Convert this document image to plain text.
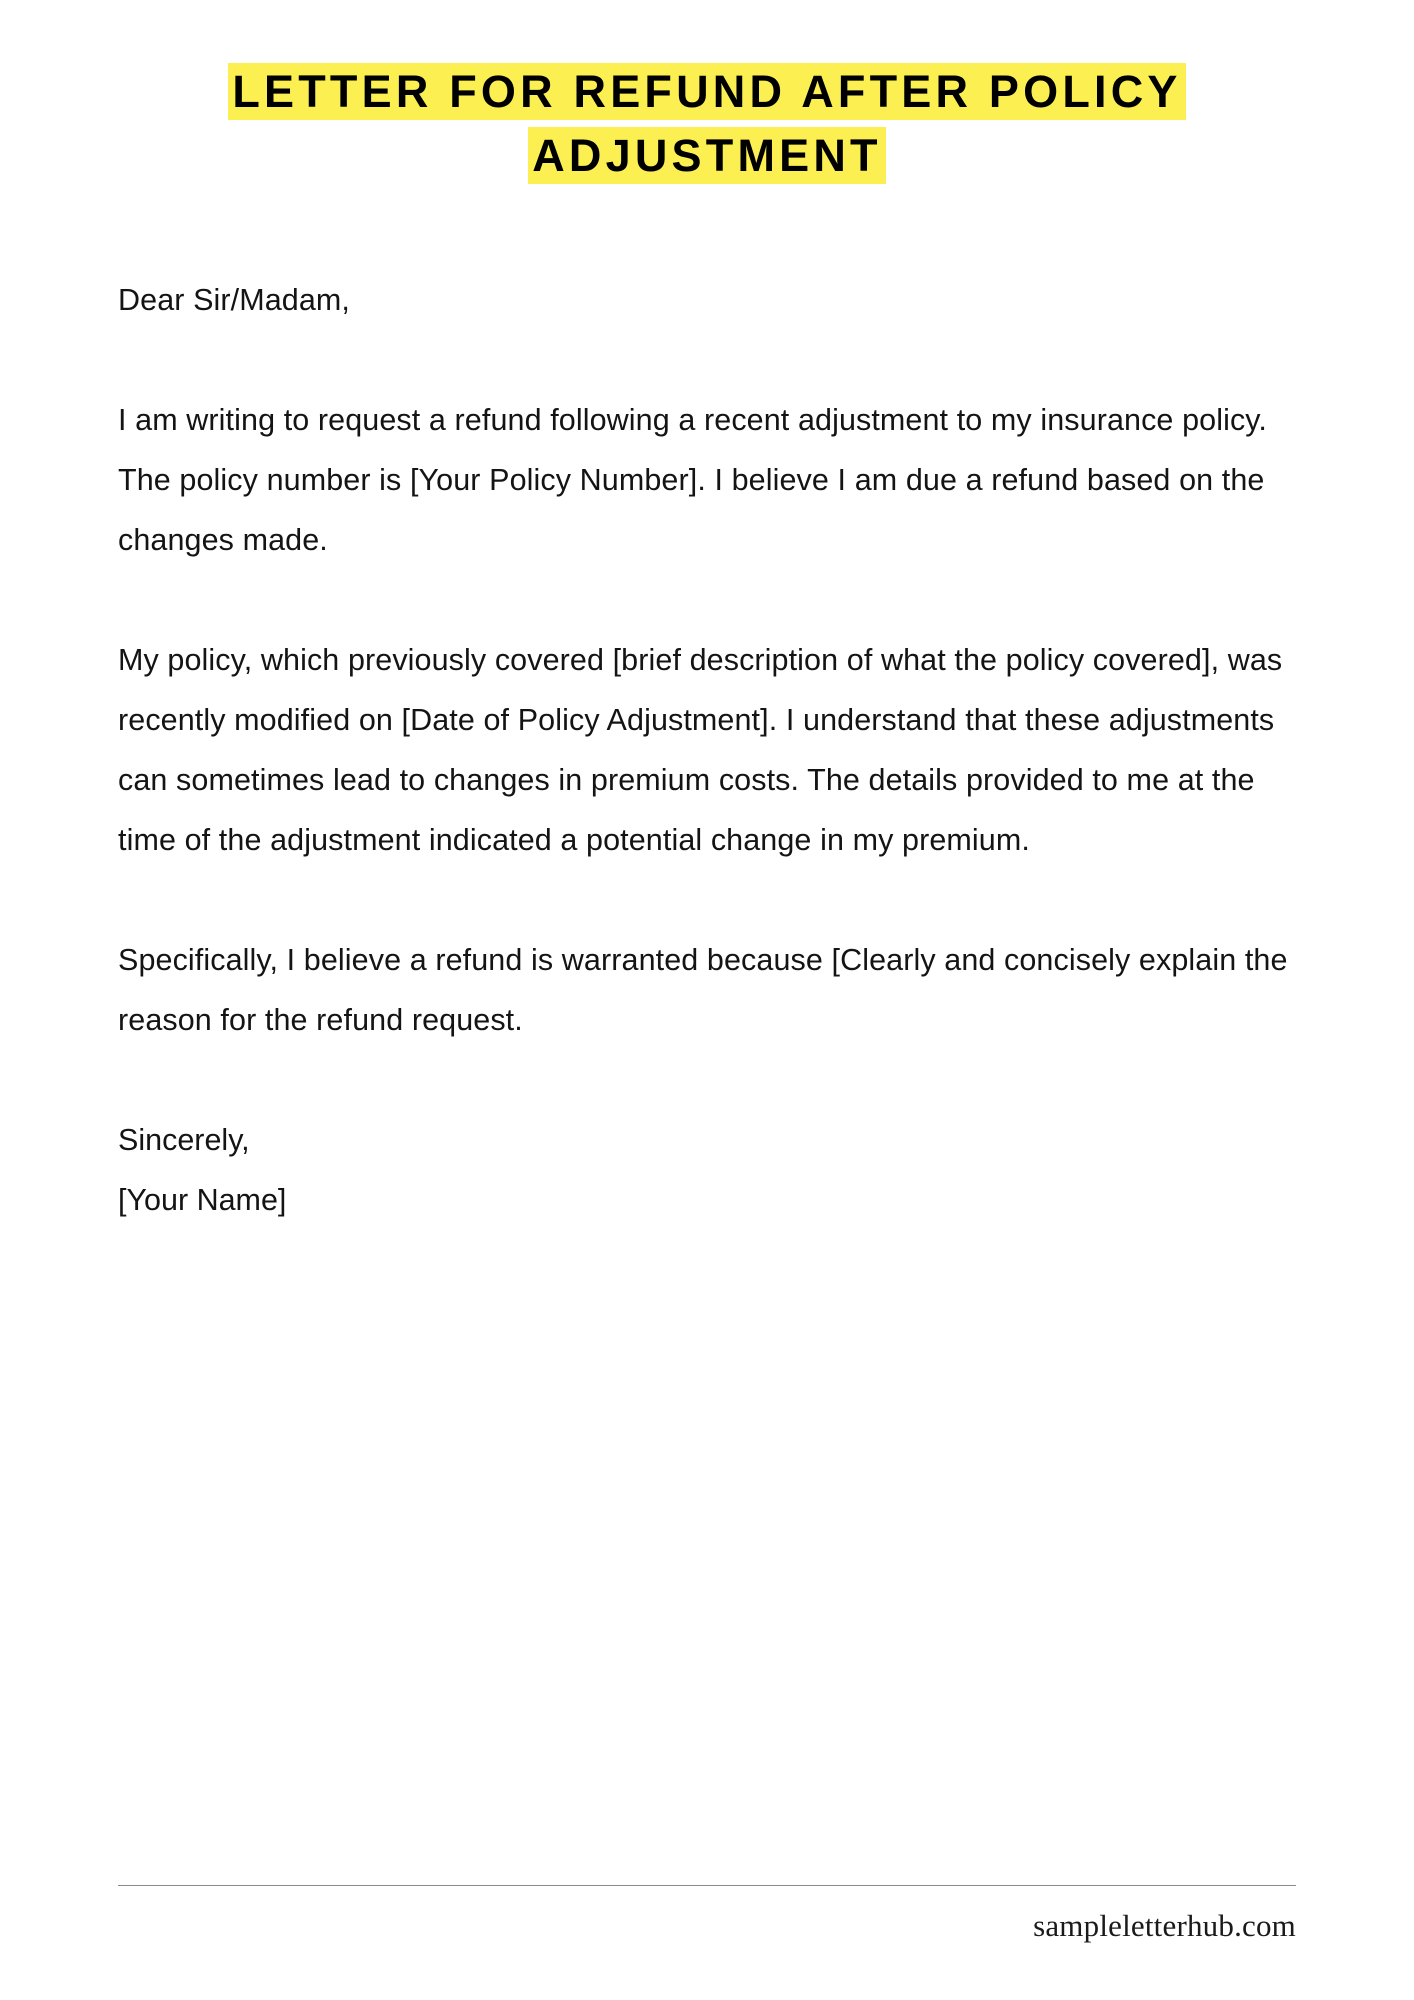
LETTER FOR REFUND AFTER POLICY ADJUSTMENT

Dear Sir/Madam,

I am writing to request a refund following a recent adjustment to my insurance policy. The policy number is [Your Policy Number]. I believe I am due a refund based on the changes made.

My policy, which previously covered [brief description of what the policy covered], was recently modified on [Date of Policy Adjustment]. I understand that these adjustments can sometimes lead to changes in premium costs. The details provided to me at the time of the adjustment indicated a potential change in my premium.

Specifically, I believe a refund is warranted because [Clearly and concisely explain the reason for the refund request.

Sincerely,
[Your Name]
sampleletterhub.com
